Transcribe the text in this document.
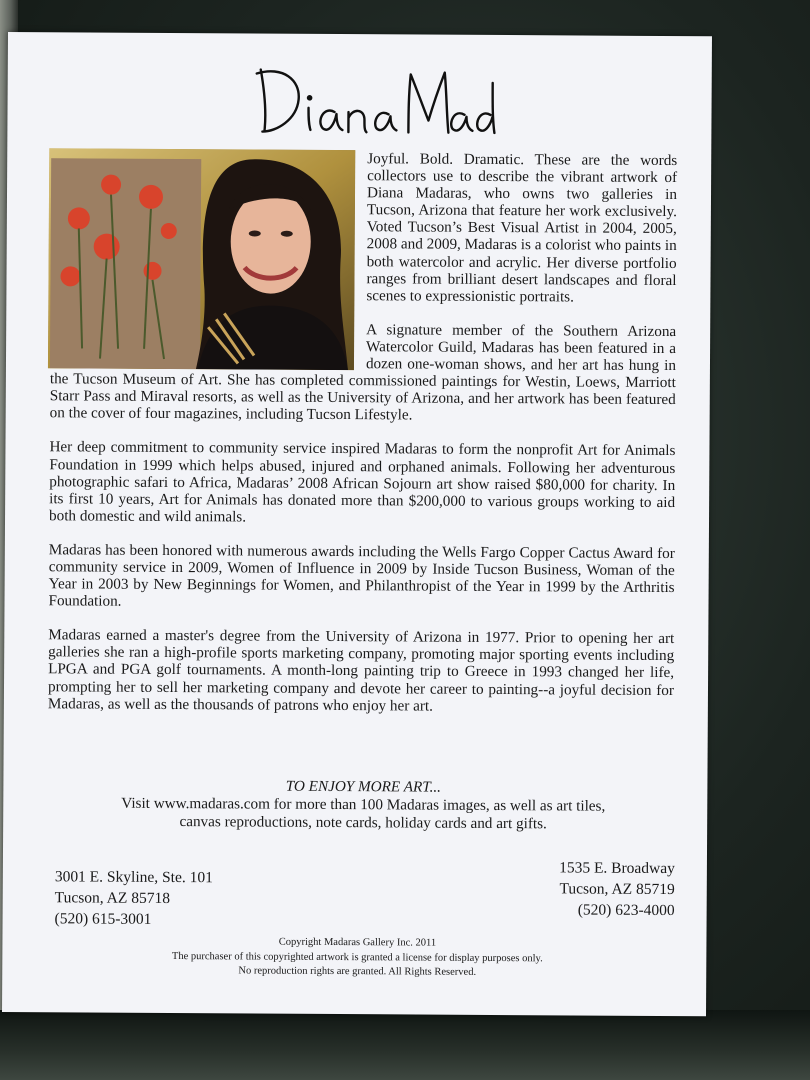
Joyful. Bold. Dramatic. These are the words collectors use to describe the vibrant artwork of Diana Madaras, who owns two galleries in Tucson, Arizona that feature her work exclusively. Voted Tucson’s Best Visual Artist in 2004, 2005, 2008 and 2009, Madaras is a colorist who paints in both watercolor and acrylic. Her diverse portfolio ranges from brilliant desert landscapes and floral scenes to expressionistic portraits.

A signature member of the Southern Arizona Watercolor Guild, Madaras has been featured in a dozen one-woman shows, and her art has hung in the Tucson Museum of Art. She has completed commissioned paintings for Westin, Loews, Marriott Starr Pass and Miraval resorts, as well as the University of Arizona, and her artwork has been featured on the cover of four magazines, including Tucson Lifestyle.

Her deep commitment to community service inspired Madaras to form the nonprofit Art for Animals Foundation in 1999 which helps abused, injured and orphaned animals. Following her adventurous photographic safari to Africa, Madaras’ 2008 African Sojourn art show raised $80,000 for charity. In its first 10 years, Art for Animals has donated more than $200,000 to various groups working to aid both domestic and wild animals.

Madaras has been honored with numerous awards including the Wells Fargo Copper Cactus Award for community service in 2009, Women of Influence in 2009 by Inside Tucson Business, Woman of the Year in 2003 by New Beginnings for Women, and Philanthropist of the Year in 1999 by the Arthritis Foundation.

Madaras earned a master's degree from the University of Arizona in 1977. Prior to opening her art galleries she ran a high-profile sports marketing company, promoting major sporting events including LPGA and PGA golf tournaments. A month-long painting trip to Greece in 1993 changed her life, prompting her to sell her marketing company and devote her career to painting--a joyful decision for Madaras, as well as the thousands of patrons who enjoy her art.

TO ENJOY MORE ART...
Visit www.madaras.com for more than 100 Madaras images, as well as art tiles,
canvas reproductions, note cards, holiday cards and art gifts.
3001 E. Skyline, Ste. 101
Tucson, AZ 85718
(520) 615-3001
1535 E. Broadway
Tucson, AZ 85719
(520) 623-4000
Copyright Madaras Gallery Inc. 2011
The purchaser of this copyrighted artwork is granted a license for display purposes only.
No reproduction rights are granted. All Rights Reserved.
